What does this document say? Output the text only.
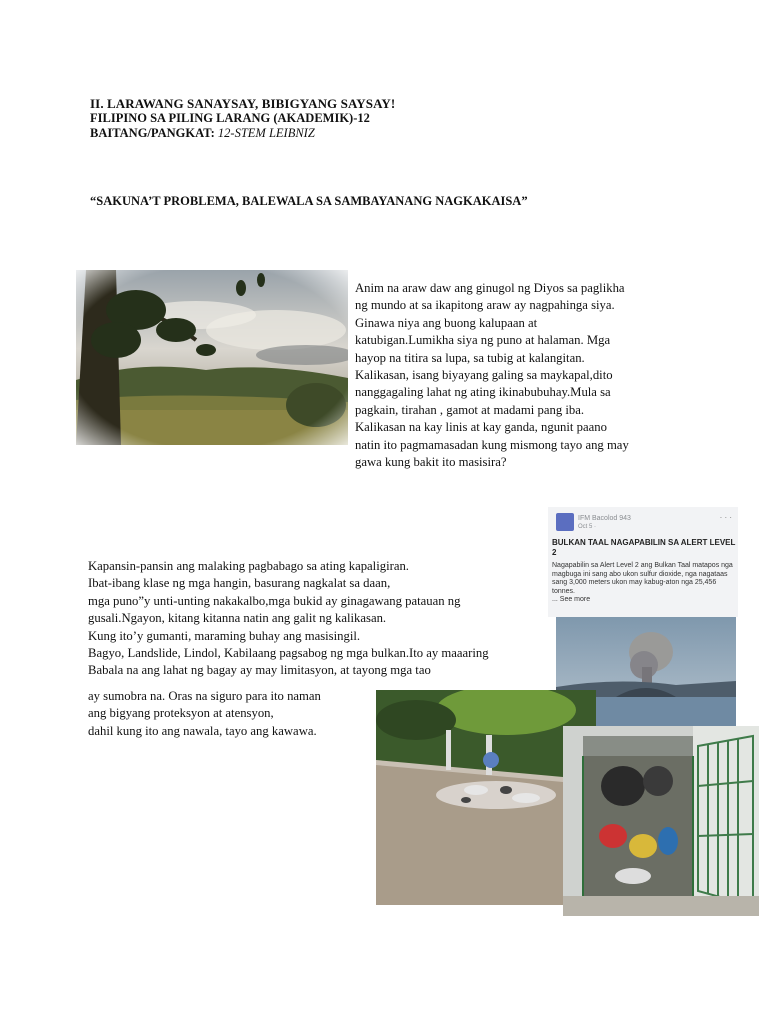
II. LARAWANG SANAYSAY, BIBIGYANG SAYSAY!
FILIPINO SA PILING LARANG (AKADEMIK)-12
BAITANG/PANGKAT: 12-STEM LEIBNIZ
“SAKUNA’T PROBLEMA, BALEWALA SA SAMBAYANANG NAGKAKAISA”
Anim na araw daw ang ginugol ng Diyos sa paglikha
ng mundo at sa ikapitong araw ay nagpahinga siya.
Ginawa niya ang buong kalupaan at
katubigan.Lumikha siya ng puno at halaman. Mga
hayop na titira sa lupa, sa tubig at kalangitan.
Kalikasan, isang biyayang galing sa maykapal,dito
nanggagaling lahat ng ating ikinabubuhay.Mula sa
pagkain, tirahan , gamot at madami pang iba.
Kalikasan na kay linis at kay ganda, ngunit paano
natin ito pagmamasadan kung mismong tayo ang may
gawa kung bakit ito masisira?
IFM Bacolod 943
Oct 5 ·
· · ·
BULKAN TAAL NAGAPABILIN SA ALERT LEVEL 2
Nagapabilin sa Alert Level 2 ang Bulkan Taal matapos nga magbuga ini sang abo ukon sulfur dioxide, nga nagataas sang 3,000 meters ukon may kabug-aton nga 25,456 tonnes.
... See more
Kapansin-pansin ang malaking pagbabago sa ating kapaligiran.
Ibat-ibang klase ng mga hangin, basurang nagkalat sa daan,
mga puno”y unti-unting nakakalbo,mga bukid ay ginagawang patauan ng
gusali.Ngayon, kitang kitanna natin ang galit ng kalikasan.
Kung ito’y gumanti, maraming buhay ang masisingil.
Bagyo, Landslide, Lindol, Kabilaang pagsabog ng mga bulkan.Ito ay maaaring
Babala na ang lahat ng bagay ay may limitasyon, at tayong mga tao
ay sumobra na. Oras na siguro para ito naman
ang bigyang proteksyon at atensyon,
dahil kung ito ang nawala, tayo ang kawawa.
